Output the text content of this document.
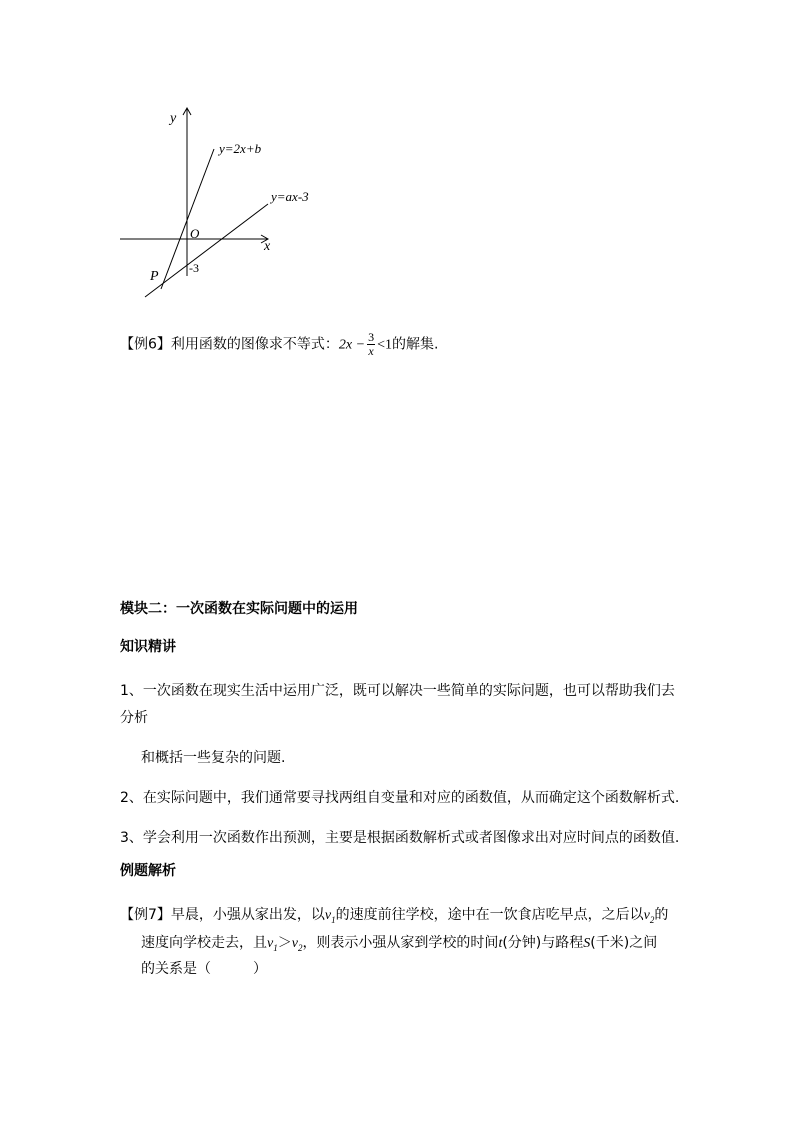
y
x
O
-3
P
y=2x+b
y=ax-3
【例6】利用函数的图像求不等式：$2x - \frac{3}{x} <1$的解集.
模块二：一次函数在实际问题中的运用
知识精讲
1、一次函数在现实生活中运用广泛，既可以解决一些简单的实际问题，也可以帮助我们去
分析
和概括一些复杂的问题.
2、在实际问题中，我们通常要寻找两组自变量和对应的函数值，从而确定这个函数解析式.
3、学会利用一次函数作出预测，主要是根据函数解析式或者图像求出对应时间点的函数值.
例题解析
【例7】早晨，小强从家出发，以$v_1$的速度前往学校，途中在一饮食店吃早点，之后以$v_2$的
速度向学校走去，且$v_1>v_2$，则表示小强从家到学校的时间t(分钟)与路程S(千米)之间
的关系是（　　　）
